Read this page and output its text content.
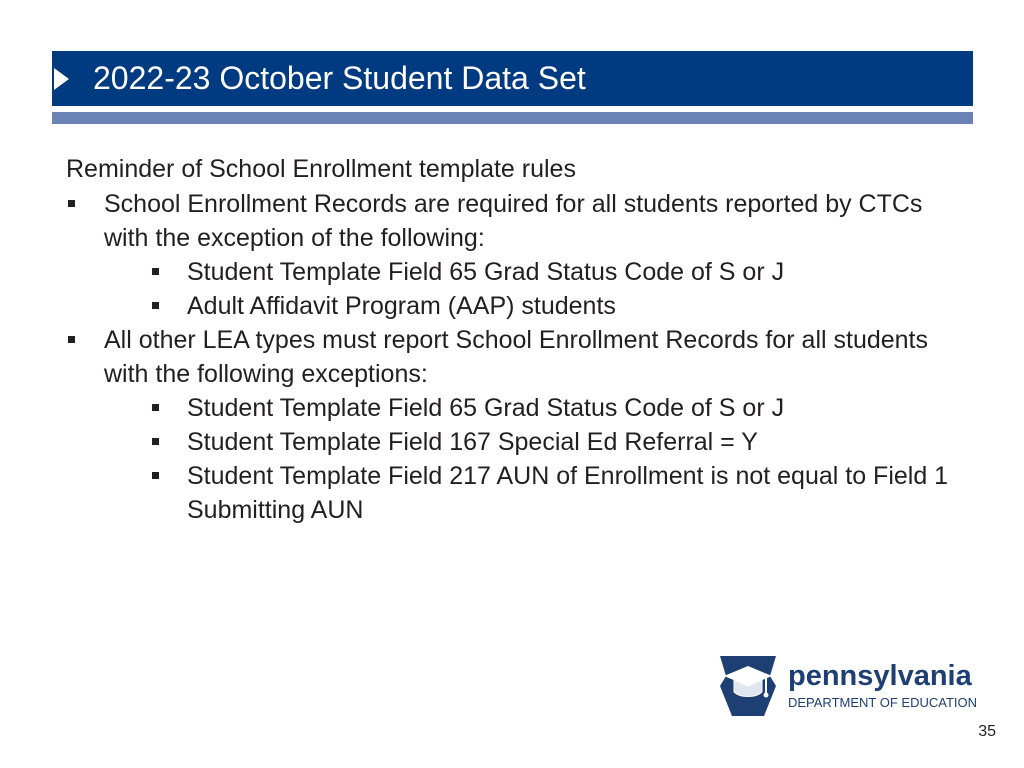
2022-23 October Student Data Set
Reminder of School Enrollment template rules
School Enrollment Records are required for all students reported by CTCs with the exception of the following:
Student Template Field 65 Grad Status Code of S or J
Adult Affidavit Program (AAP) students
All other LEA types must report School Enrollment Records for all students with the following exceptions:
Student Template Field 65 Grad Status Code of S or J
Student Template Field 167 Special Ed Referral = Y
Student Template Field 217 AUN of Enrollment is not equal to Field 1 Submitting AUN
pennsylvania
DEPARTMENT OF EDUCATION
35
